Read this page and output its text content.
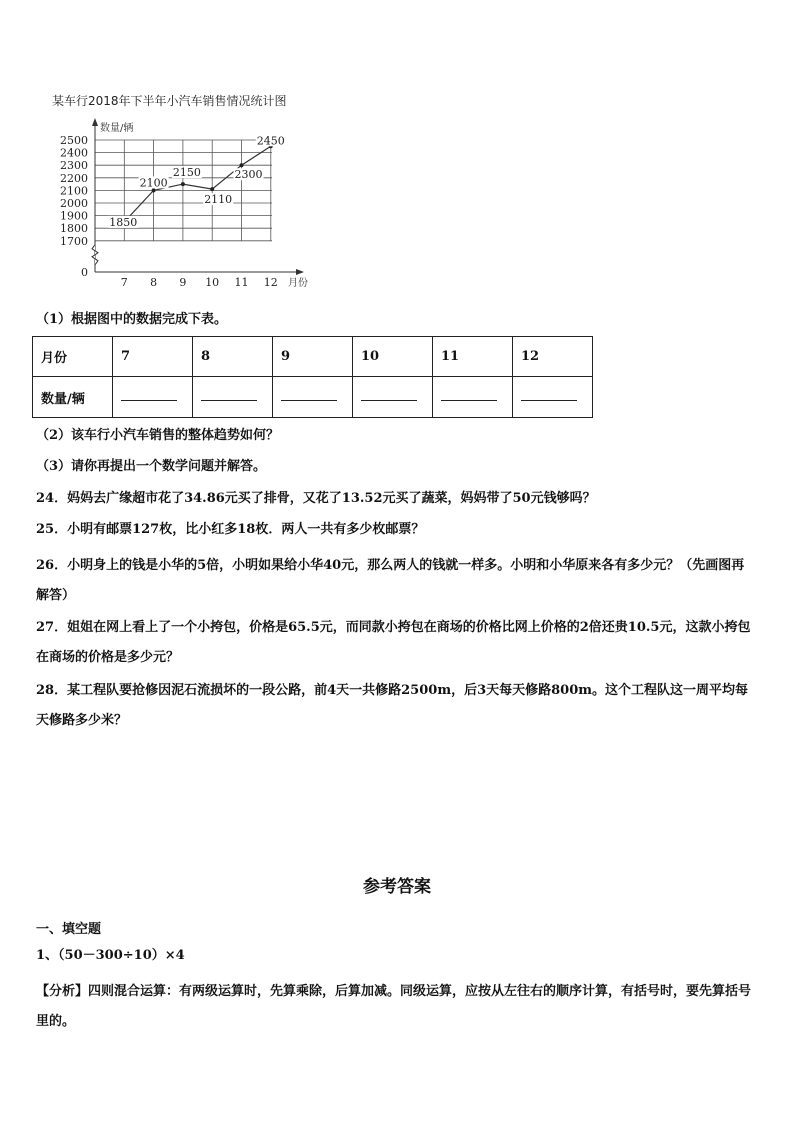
某车行2018年下半年小汽车销售情况统计图
数量/辆
月份
2500
2400
2300
2200
2100
2000
1900
1800
1700
0
7 8 9 10 11 12
1850
2100
2150
2110
2300
2450
（1）根据图中的数据完成下表。
月份	7	8	9	10	11	12
数量/辆						
（2）该车行小汽车销售的整体趋势如何？
（3）请你再提出一个数学问题并解答。
24．妈妈去广缘超市花了34.86元买了排骨，又花了13.52元买了蔬菜，妈妈带了50元钱够吗？
25．小明有邮票127枚，比小红多18枚．两人一共有多少枚邮票？
26．小明身上的钱是小华的5倍，小明如果给小华40元，那么两人的钱就一样多。小明和小华原来各有多少元？（先画图再解答）
27．姐姐在网上看上了一个小挎包，价格是65.5元，而同款小挎包在商场的价格比网上价格的2倍还贵10.5元，这款小挎包在商场的价格是多少元？
28．某工程队要抢修因泥石流损坏的一段公路，前4天一共修路2500m，后3天每天修路800m。这个工程队这一周平均每天修路多少米？
参考答案
一、填空题
1、（50－300÷10）×4
【分析】四则混合运算：有两级运算时，先算乘除，后算加减。同级运算，应按从左往右的顺序计算，有括号时，要先算括号里的。
